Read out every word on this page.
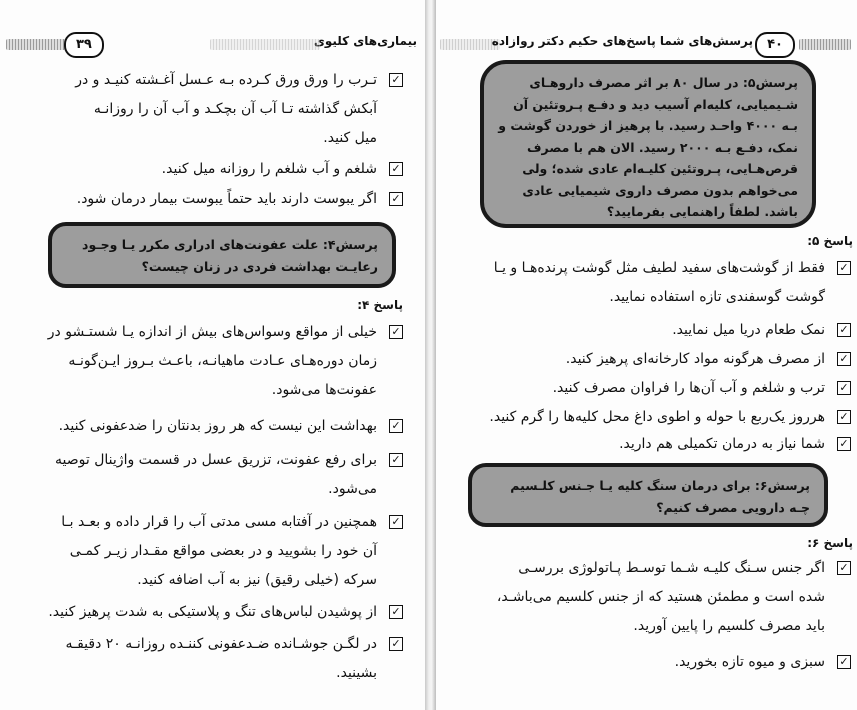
۳۹	بیماری‌های کلیوی
✓
تـرب را ورق ورق کـرده بـه عـسل آغـشته کنیـد و در
آبکش گذاشته تـا آب آن بچکـد و آب آن را روزانـه
میل کنید.
✓
شلغم و آب شلغم را روزانه میل کنید.
✓
اگر یبوست دارند باید حتماً یبوست بیمار درمان شود.
پرسش۴: علت عفونت‌های ادراری مکرر یـا وجـود رعایـت بهداشت فردی در زنان چیست؟
پاسخ ۴:
✓
خیلی از مواقع وسواس‌های بیش از اندازه یـا شستـشو در
زمان دوره‌هـای عـادت ماهیانـه، باعـث بـروز ایـن‌گونـه
عفونت‌ها می‌شود.
✓
بهداشت این نیست که هر روز بدنتان را ضدعفونی کنید.
✓
برای رفع عفونت، تزریق عسل در قسمت واژینال توصیه
می‌شود.
✓
همچنین در آفتابه مسی مدتی آب را قرار داده و بعـد بـا
آن خود را بشویید و در بعضی مواقع مقـدار زیـر کمـی
سرکه (خیلی رقیق) نیز به آب اضافه کنید.
✓
از پوشیدن لباس‌های تنگ و پلاستیکی به شدت پرهیز کنید.
✓
در لگـن جوشـانده ضـدعفونی کننـده روزانـه ۲۰ دقیقـه
بشینید.
پرسش‌های شما پاسخ‌های حکیم دکتر روازاده	۴۰
پرسش۵: در سال ۸۰ بر اثر مصرف داروهـای شـیمیایی، کلیه‌ام آسیب دید و دفـع پـروتئین آن بـه ۴۰۰۰ واحـد رسید. با پرهیز از خوردن گوشت و نمک، دفـع بـه ۲۰۰۰ رسید. الان هم با مصرف قرص‌هـایی، پـروتئین کلیـه‌ام عادی شده؛ ولی می‌خواهم بدون مصرف داروی شیمیایی عادی باشد. لطفاً راهنمایی بفرمایید؟
پاسخ ۵:
✓
فقط از گوشت‌های سفید لطیف مثل گوشت پرنده‌هـا و یـا
گوشت گوسفندی تازه استفاده نمایید.
✓
نمک طعام دریا میل نمایید.
✓
از مصرف هرگونه مواد کارخانه‌ای پرهیز کنید.
✓
ترب و شلغم و آب آن‌ها را فراوان مصرف کنید.
✓
هرروز یک‌ربع با حوله و اطوی داغ محل کلیه‌ها را گرم کنید.
✓
شما نیاز به درمان تکمیلی هم دارید.
پرسش۶: برای درمان سنگ کلیه یـا جـنس کلـسیم چـه دارویی مصرف کنیم؟
پاسخ ۶:
✓
اگر جنس سـنگ کلیـه شـما توسـط پـاتولوژی بررسـی
شده است و مطمئن هستید که از جنس کلسیم می‌باشـد،
باید مصرف کلسیم را پایین آورید.
✓
سبزی و میوه تازه بخورید.
